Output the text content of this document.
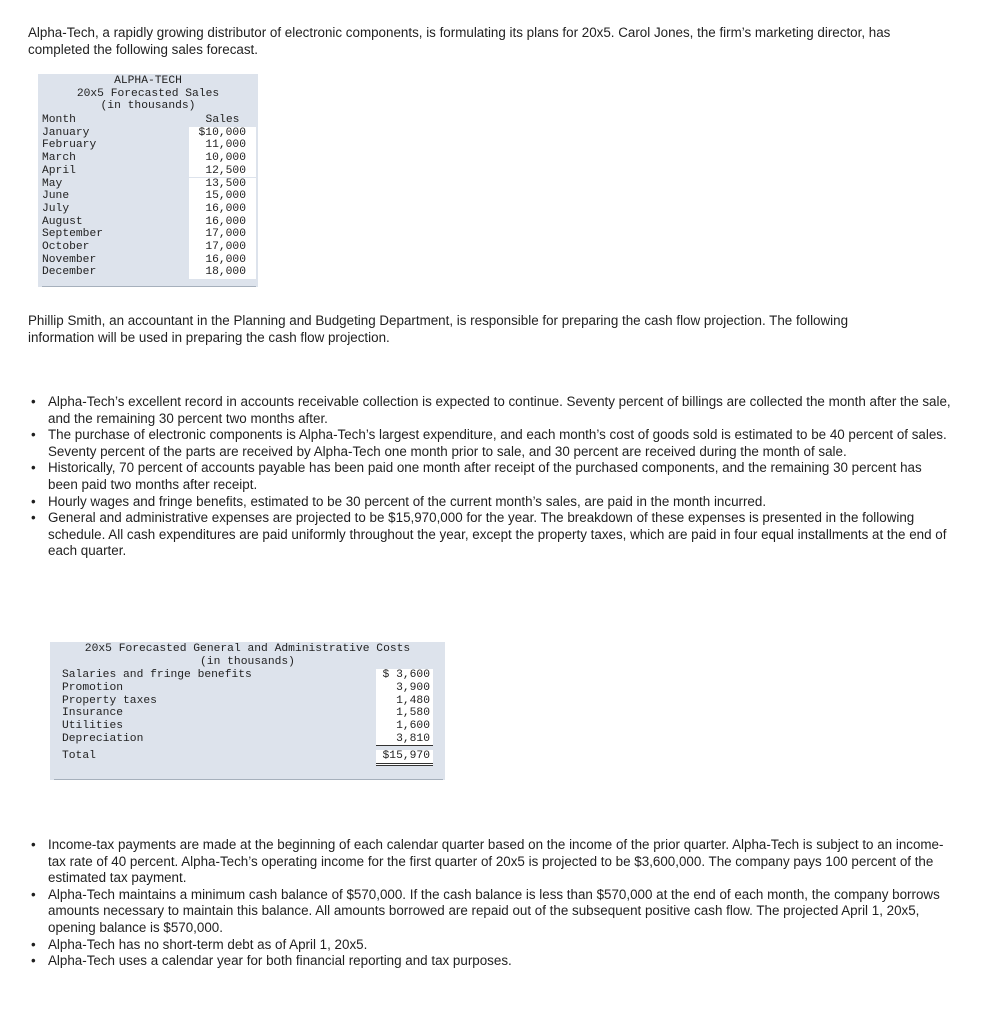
Alpha-Tech, a rapidly growing distributor of electronic components, is formulating its plans for 20x5. Carol Jones, the firm’s marketing director, has completed the following sales forecast.

ALPHA-TECH
20x5 Forecasted Sales
(in thousands)
Month	Sales
January	$10,000
February	11,000
March	10,000
April	12,500
May	13,500
June	15,000
July	16,000
August	16,000
September	17,000
October	17,000
November	16,000
December	18,000

Phillip Smith, an accountant in the Planning and Budgeting Department, is responsible for preparing the cash flow projection. The following information will be used in preparing the cash flow projection.

• Alpha-Tech’s excellent record in accounts receivable collection is expected to continue. Seventy percent of billings are collected the month after the sale, and the remaining 30 percent two months after.
• The purchase of electronic components is Alpha-Tech’s largest expenditure, and each month’s cost of goods sold is estimated to be 40 percent of sales. Seventy percent of the parts are received by Alpha-Tech one month prior to sale, and 30 percent are received during the month of sale.
• Historically, 70 percent of accounts payable has been paid one month after receipt of the purchased components, and the remaining 30 percent has been paid two months after receipt.
• Hourly wages and fringe benefits, estimated to be 30 percent of the current month’s sales, are paid in the month incurred.
• General and administrative expenses are projected to be $15,970,000 for the year. The breakdown of these expenses is presented in the following schedule. All cash expenditures are paid uniformly throughout the year, except the property taxes, which are paid in four equal installments at the end of each quarter.
20x5 Forecasted General and Administrative Costs
(in thousands)
Salaries and fringe benefits	$ 3,600
Promotion	3,900
Property taxes	1,480
Insurance	1,580
Utilities	1,600
Depreciation	3,810
Total	$15,970
• Income-tax payments are made at the beginning of each calendar quarter based on the income of the prior quarter. Alpha-Tech is subject to an income-tax rate of 40 percent. Alpha-Tech’s operating income for the first quarter of 20x5 is projected to be $3,600,000. The company pays 100 percent of the estimated tax payment.
• Alpha-Tech maintains a minimum cash balance of $570,000. If the cash balance is less than $570,000 at the end of each month, the company borrows amounts necessary to maintain this balance. All amounts borrowed are repaid out of the subsequent positive cash flow. The projected April 1, 20x5, opening balance is $570,000.
• Alpha-Tech has no short-term debt as of April 1, 20x5.
• Alpha-Tech uses a calendar year for both financial reporting and tax purposes.
